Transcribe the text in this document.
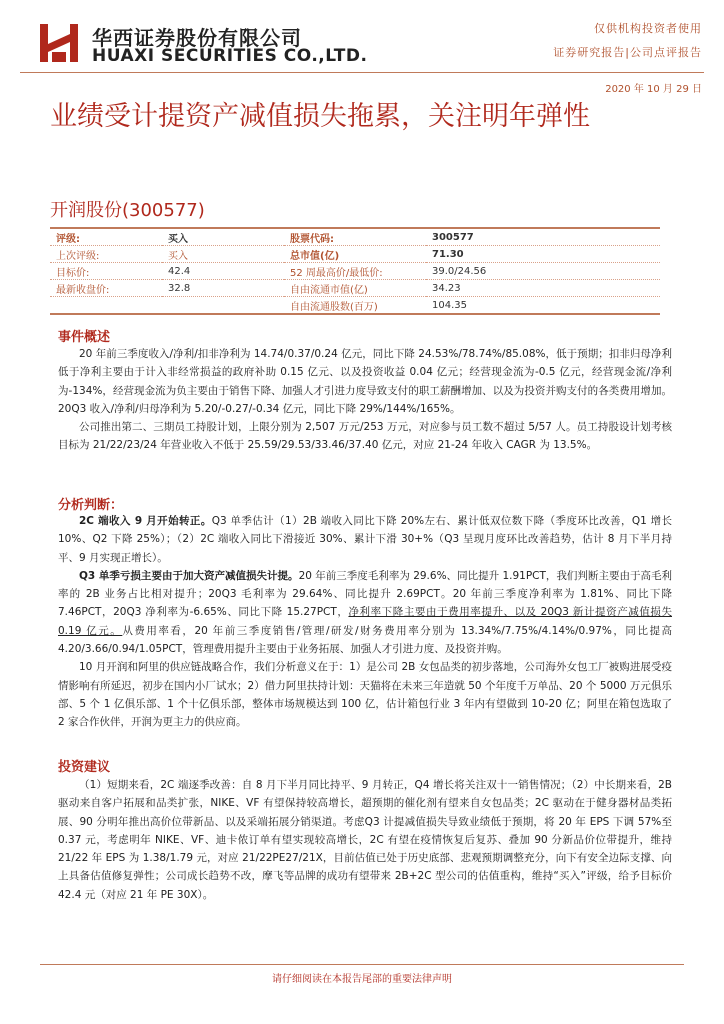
华西证券股份有限公司
HUAXI SECURITIES CO.,LTD.
仅供机构投资者使用
证券研究报告|公司点评报告
2020 年 10 月 29 日
业绩受计提资产减值损失拖累，关注明年弹性
开润股份(300577)
评级:	买入	股票代码:	300577
上次评级:	买入	总市值(亿)	71.30
目标价:	42.4	52 周最高价/最低价:	39.0/24.56
最新收盘价:	32.8	自由流通市值(亿)	34.23
		自由流通股数(百万)	104.35
事件概述

20 年前三季度收入/净利/扣非净利为 14.74/0.37/0.24 亿元，同比下降 24.53%/78.74%/85.08%，低于预期；扣非归母净利低于净利主要由于计入非经常损益的政府补助 0.15 亿元、以及投资收益 0.04 亿元；经营现金流为-0.5 亿元，经营现金流/净利为-134%，经营现金流为负主要由于销售下降、加强人才引进力度导致支付的职工薪酬增加、以及为投资并购支付的各类费用增加。20Q3 收入/净利/归母净利为 5.20/-0.27/-0.34 亿元，同比下降 29%/144%/165%。

公司推出第二、三期员工持股计划，上限分别为 2,507 万元/253 万元，对应参与员工数不超过 5/57 人。员工持股设计划考核目标为 21/22/23/24 年营业收入不低于 25.59/29.53/33.46/37.40 亿元，对应 21-24 年收入 CAGR 为 13.5%。

分析判断：

2C 端收入 9 月开始转正。Q3 单季估计（1）2B 端收入同比下降 20%左右、累计低双位数下降（季度环比改善，Q1 增长 10%、Q2 下降 25%）；（2）2C 端收入同比下滑接近 30%、累计下滑 30+%（Q3 呈现月度环比改善趋势，估计 8 月下半月持平、9 月实现正增长）。

Q3 单季亏损主要由于加大资产减值损失计提。20 年前三季度毛利率为 29.6%、同比提升 1.91PCT，我们判断主要由于高毛利率的 2B 业务占比相对提升；20Q3 毛利率为 29.64%、同比提升 2.69PCT。20 年前三季度净利率为 1.81%、同比下降 7.46PCT，20Q3 净利率为-6.65%、同比下降 15.27PCT，净利率下降主要由于费用率提升、以及 20Q3 新计提资产减值损失 0.19 亿元。从费用率看，20 年前三季度销售/管理/研发/财务费用率分别为 13.34%/7.75%/4.14%/0.97%，同比提高 4.20/3.66/0.94/1.05PCT，管理费用提升主要由于业务拓展、加强人才引进力度、及投资并购。

10 月开润和阿里的供应链战略合作，我们分析意义在于：1）是公司 2B 女包品类的初步落地，公司海外女包工厂被购进展受疫情影响有所延迟，初步在国内小厂试水；2）借力阿里扶持计划：天猫将在未来三年造就 50 个年度千万单品、20 个 5000 万元俱乐部、5 个 1 亿俱乐部、1 个十亿俱乐部，整体市场规模达到 100 亿，估计箱包行业 3 年内有望做到 10-20 亿；阿里在箱包选取了 2 家合作伙伴，开润为更主力的供应商。

投资建议

（1）短期来看，2C 端逐季改善：自 8 月下半月同比持平、9 月转正，Q4 增长将关注双十一销售情况；（2）中长期来看，2B 驱动来自客户拓展和品类扩张，NIKE、VF 有望保持较高增长，超预期的催化剂有望来自女包品类；2C 驱动在于健身器材品类拓展、90 分明年推出高价位带新品、以及采端拓展分销渠道。考虑Q3 计提减值损失导致业绩低于预期，将 20 年 EPS 下调 57%至 0.37 元，考虑明年 NIKE、VF、迪卡侬订单有望实现较高增长，2C 有望在疫情恢复后复苏、叠加 90 分新品价位带提升，维持 21/22 年 EPS 为 1.38/1.79 元，对应 21/22PE27/21X，目前估值已处于历史底部、悲观预期调整充分，向下有安全边际支撑、向上具备估值修复弹性；公司成长趋势不改，摩飞等品牌的成功有望带来 2B+2C 型公司的估值重构，维持“买入”评级，给予目标价 42.4 元（对应 21 年 PE 30X）。

请仔细阅读在本报告尾部的重要法律声明
